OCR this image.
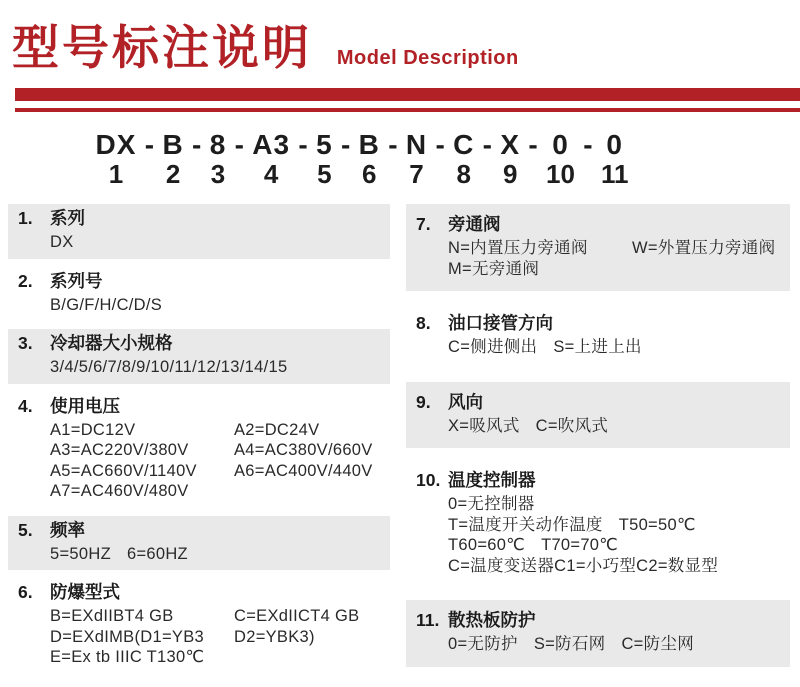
型号标注说明 Model Description
DX
1
- B
2
- 8
3
- A3
4
- 5
5
- B
6
- N
7
- C
8
- X
9
- 0
10
- 0
11
1. 系列
DX
2. 系列号
B/G/F/H/C/D/S
3. 冷却器大小规格
3/4/5/6/7/8/9/10/11/12/13/14/15
4. 使用电压
A1=DC12V	A2=DC24V
A3=AC220V/380V	A4=AC380V/660V
A5=AC660V/1140V	A6=AC400V/440V
A7=AC460V/480V
5. 频率
5=50HZ 6=60HZ
6. 防爆型式
B=EXdIIBT4 GB	C=EXdIICT4 GB
D=EXdIMB(D1=YB3	D2=YBK3)
E=Ex tb IIIC T130℃
7. 旁通阀
N=内置压力旁通阀	W=外置压力旁通阀
M=无旁通阀
8. 油口接管方向
C=侧进侧出 S=上进上出
9. 风向
X=吸风式 C=吹风式
10. 温度控制器
0=无控制器
T=温度开关动作温度 T50=50℃
T60=60℃ T70=70℃
C=温度变送器C1=小巧型C2=数显型
11. 散热板防护
0=无防护 S=防石网 C=防尘网
